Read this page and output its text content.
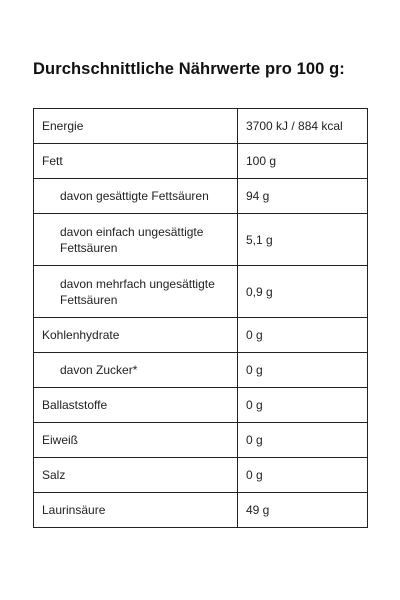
Durchschnittliche Nährwerte pro 100 g:
Energie	3700 kJ / 884 kcal
Fett	100 g
davon gesättigte Fettsäuren	94 g
davon einfach ungesättigte Fettsäuren	5,1 g
davon mehrfach ungesättigte Fettsäuren	0,9 g
Kohlenhydrate	0 g
davon Zucker*	0 g
Ballaststoffe	0 g
Eiweiß	0 g
Salz	0 g
Laurinsäure	49 g
